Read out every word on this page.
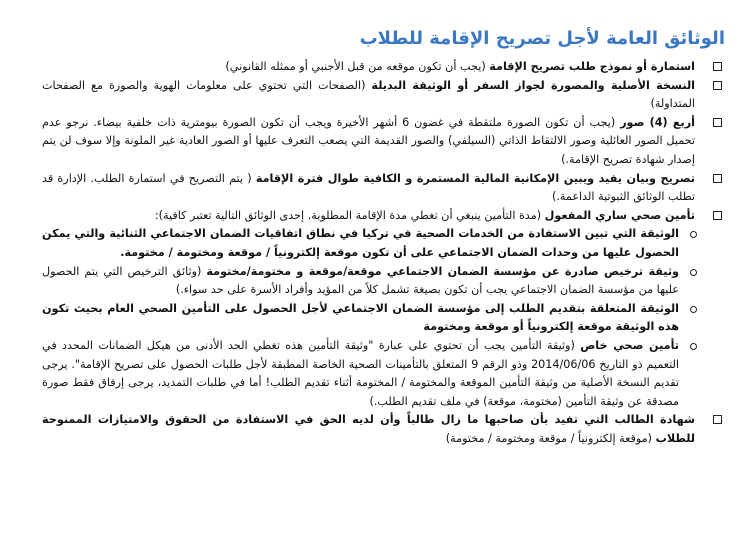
الوثائق العامة لأجل تصريح الإقامة للطلاب
استمارة أو نموذج طلب تصريح الإقامة (يجب أن تكون موقعه من قبل الأجنبي أو ممثله القانوني)
النسخة الأصلية والمصورة لجواز السفر أو الوثيقة البديلة (الصفحات التي تحتوي على معلومات الهوية والصورة مع الصفحات المتداولة)
أربع (4) صور (يجب أن تكون الصورة ملتقطة في غضون 6 أشهر الأخيرة ويجب أن تكون الصورة بيومترية ذات خلفية بيضاء. نرجو عدم تحميل الصور العائلية وصور الالتقاط الذاتي (السيلفي) والصور القديمة التي يصعب التعرف عليها أو الصور العادية غير الملونة وإلا سوف لن يتم إصدار شهادة تصريح الإقامة.)
تصريح وبيان يفيد ويبين الإمكانية المالية المستمرة و الكافية طوال فترة الإقامة ( يتم التصريح في استمارة الطلب. الإدارة قد تطلب الوثائق الثبوتية الداعمة.)
تأمين صحي ساري المفعول (مدة التأمين ينبغي أن تغطي مدة الإقامة المطلوبة. إحدى الوثائق التالية تعتبر كافية):
الوثيقة التي تبين الاستفادة من الخدمات الصحية في تركيا في نطاق اتفاقيات الضمان الاجتماعي الثنائية والتي يمكن الحصول عليها من وحدات الضمان الاجتماعي على أن تكون موقعة إلكترونياً / موقعة ومختومة / مختومة.
وثيقة ترخيص صادرة عن مؤسسة الضمان الاجتماعي موقعة/موقعة و مختومة/مختومة (وثائق الترخيص التي يتم الحصول عليها من مؤسسة الضمان الاجتماعي يجب أن تكون بصيغة تشمل كلاً من المؤيد وأفراد الأسرة على حد سواء.)
الوثيقة المتعلقة بتقديم الطلب إلى مؤسسة الضمان الاجتماعي لأجل الحصول على التأمين الصحي العام بحيث تكون هذه الوثيقة موقعة إلكترونياً أو موقعة ومختومة
تأمين صحي خاص (وثيقة التأمين يجب أن تحتوي على عبارة "وثيقة التأمين هذه تغطي الحد الأدنى من هيكل الضمانات المحدد في التعميم ذو التاريخ 2014/06/06 وذو الرقم 9 المتعلق بالتأمينات الصحية الخاصة المطبقة لأجل طلبات الحصول على تصريح الإقامة". يرجى تقديم النسخة الأصلية من وثيقة التأمين الموقعة والمختومة / المختومة أثناء تقديم الطلب! أما في طلبات التمديد، يرجى إرفاق فقط صورة مصدقة عن وثيقة التأمين (مختومة، موقعة) في ملف تقديم الطلب.)
شهادة الطالب التي تفيد بأن صاحبها ما زال طالباً وأن لديه الحق في الاستفادة من الحقوق والامتيازات الممنوحة للطلاب (موقعة إلكترونياً / موقعة ومختومة / مختومة)
